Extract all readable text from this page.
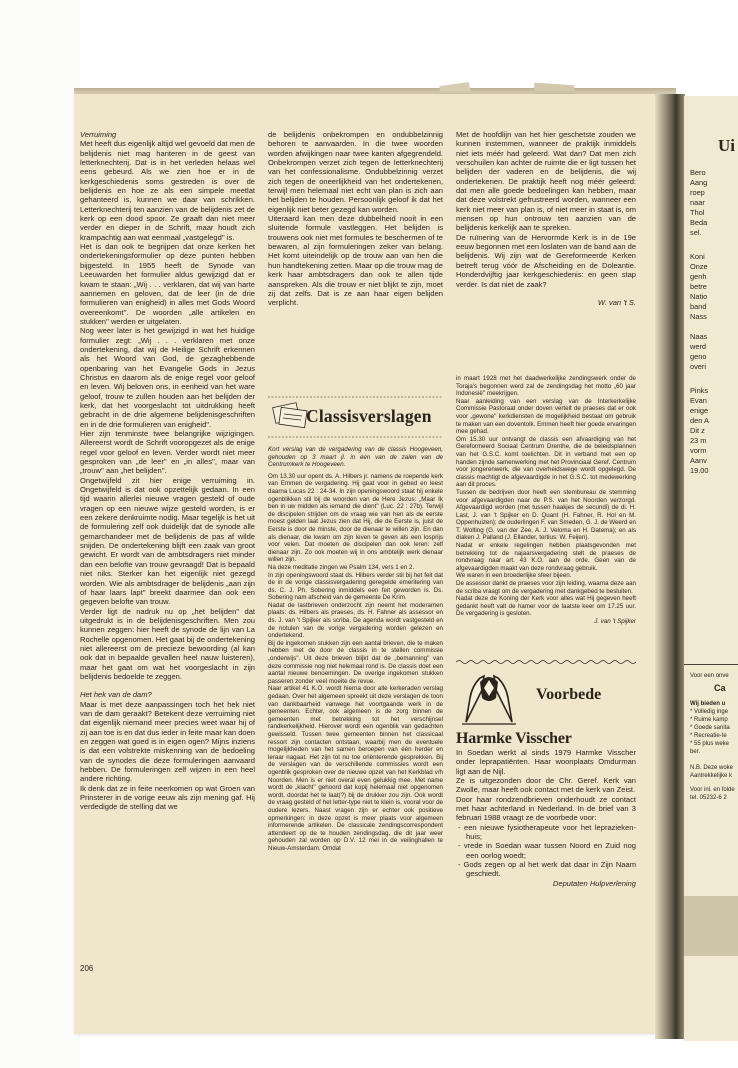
Ui
Bero
Aang
roep
naar
Thol
Beda
sel.
Koni
Onze
genh
betre
Natio
band
Nass
Naas
werd
geno
overi
Pinks
Evan
enige
den A
Dit z
23 m
vorm
Aanv
19.00
Voor een onve
Ca
Wij bieden u
* Volledig inge
* Ruime kamp
* Goede sanita
* Recreatie-te
* 55 plus weke
ber.
N.B. Deze woke
Aantrekkelijke k
Voor inl. en folde
tel. 05232-6 2

Verruiming

Met heeft dus eigenlijk altijd wel gevoeld dat men de belijdenis niet mag hanteren in de geest van letterknechterij. Dat is in het verleden helaas wel eens gebeurd. Als we zien hoe er in de kerkgeschiedenis soms gestreden is over de belijdenis en hoe ze als een simpele meetlat gehanteerd is, kunnen we daar van schrikken. Letterknechterij ten aanzien van de belijdenis zet de kerk op een dood spoor. Ze graaft dan niet meer verder en dieper in de Schrift, maar houdt zich krampachtig aan wat eenmaal „vastgelegd'' is.

Het is dan ook te begrijpen dat onze kerken het ondertekeningsformulier op deze punten hebben bijgesteld. In 1955 heeft de Synode van Leeuwarden het formulier aldus gewijzigd dat er kwam te staan: „Wij . . . verklaren, dat wij van harte aannemen en geloven, dat de leer (in de drie formulieren van enigheid) in alles met Gods Woord overeenkomt''. De woorden „alle artikelen en stukken'' werden er uitgelaten.

Nog weer later is het gewijzigd in wat het huidige formulier zegt: „Wij . . . verklaren met onze ondertekening, dat wij de Heilige Schrift erkennen als het Woord van God, de gezaghebbende openbaring van het Evangelie Gods in Jezus Christus en daarom als de enige regel voor geloof en leven. Wij beloven ons, in eenheid van het ware geloof, trouw te zullen houden aan het belijden der kerk, dat het voorgeslacht tot uitdrukking heeft gebracht in de drie algemene belijdenisgeschriften en in de drie formulieren van enigheid''.

Hier zijn tenminste twee belangrijke wijzigingen. Allereerst wordt de Schrift vooropgezet als de enige regel voor geloof en leven. Verder wordt niet meer gesproken van „de leer'' en „in alles'', maar van „trouw'' aan „het belijden''.

Ongetwijfeld zit hier enige verruiming in. Ongetwijfeld is dat ook opzettelijk gedaan. In een tijd waarin allerlei nieuwe vragen gesteld of oude vragen op een nieuwe wijze gesteld worden, is er een zekere denkruimte nodig. Maar tegelijk is het uit de formulering zelf ook duidelijk dat de synode alle gemarchandeer met de belijdenis de pas af wilde snijden. De ondertekening blijft een zaak van groot gewicht. Er wordt van de ambtsdragers niet minder dan een belofte van trouw gevraagd! Dat is bepaald niet niks. Sterker kan het eigenlijk niet gezegd worden. Wie als ambtsdrager de belijdenis „aan zijn of haar laars lapt'' breekt daarmee dan ook een gegeven belofte van trouw.

Verder ligt de nadruk nu op „het belijden'' dat uitgedrukt is in de belijdenisgeschriften. Men zou kunnen zeggen: hier heeft de synode de lijn van La Rochelle opgenomen. Het gaat bij de ondertekening niet allereerst om de precieze bewoording (al kan ook dat in bepaalde gevallen heel nauw luisteren), maar het gaat om wat het voorgeslacht in zijn belijdenis bedoelde te zeggen.

Het hek van de dam?

Maar is met deze aanpassingen toch het hek niet van de dam geraakt? Betekent deze verruiming niet dat eigenlijk niemand meer precies weet waar hij of zij aan toe is en dat dus ieder in feite maar kan doen en zeggen wat goed is in eigen ogen? Mijns inziens is dat een volstrekte miskenning van de bedoeling van de synodes die deze formuleringen aanvaard hebben. De formuleringen zelf wijzen in een heel andere richting.

Ik denk dat ze in feite neerkomen op wat Groen van Prinsterer in de vorige eeuw als zijn mening gaf. Hij verdedigde de stelling dat we

206

de belijdenis onbekrompen en ondubbelzinnig behoren te aanvaarden. In die twee woorden worden afwijkingen naar twee kanten afgegrendeld. Onbekrompen verzet zich tegen de letterknechterij van het confessionalisme. Ondubbelzinnig verzet zich tegen de oneerlijkheid van het ondertekenen, terwijl men helemaal niet echt van plan is zich aan het belijden te houden. Persoonlijk geloof ik dat het eigenlijk niet beter gezegd kan worden.

Uiteraard kan men deze dubbelheid nooit in een sluitende formule vastleggen. Het belijden is trouwens ook niet met formules te beschermen of te bewaren, al zijn formuleringen zeker van belang. Het komt uiteindelijk op de trouw aan van hen die hun handtekening zetten. Maar op die trouw mag de kerk haar ambtsdragers dan ook te allen tijde aanspreken. Als die trouw er niet blijkt te zijn, moet zij dat zelfs. Dat is ze aan haar eigen belijden verplicht.

Met de hoofdlijn van het hier geschetste zouden we kunnen instemmen, wanneer de praktijk inmiddels niet iets méér had geleerd. Wat dan? Dat men zich verschuilen kan achter de ruimte die er ligt tussen het belijden der vaderen en de belijdenis, die wij ondertekenen. De praktijk heeft nog méér geleerd: dat men alle goede bedoelingen kan hebben, maar dat deze volstrekt gefrustreerd worden, wanneer een kerk niet meer van plan is, of niet meer in staat is, om mensen op hun ontrouw ten aanzien van de belijdenis kerkelijk aan te spreken.

De ruïnering van de Hervormde Kerk is in de 19e eeuw begonnen met een loslaten van de band aan de belijdenis. Wij zijn wat de Gereformeerde Kerken betreft terug vóór de Afscheiding en de Doleantie. Honderdvijftig jaar kerkgeschiedenis: en geen stap verder. Is dat niet de zaak?

W. van 't S.

Classisverslagen

Kort verslag van de vergadering van de classis Hoogeveen, gehouden op 3 maart jl. in één van de zalen van de Centrumkerk te Hoogeveen.

Om 13.30 uur opent ds. A. Hilbers jr. namens de roepende kerk van Emmen de vergadering. Hij gaat voor in gebed en leest daarna Lucas 22 : 24-34. In zijn openingswoord staat hij enkele ogenblikken stil bij de woorden van de Here Jezus: „Maar Ik ben in uw midden als iemand die dient'' (Luc. 22 : 27b). Terwijl de discipelen strijden om de vraag wie van hen als de eerste moest gelden laat Jezus zien dat Hij, die de Eerste is, juist de Eerste is door de minste, door de dienaar te willen zijn. En dan als dienaar, die kwam om zijn leven te geven als een losprijs voor velen. Dat moeten de discipelen dan ook leren: zelf dienaar zijn. Zo ook moeten wij in ons ambtelijk werk dienaar willen zijn.

Na deze meditatie zingen we Psalm 134, vers 1 en 2.

In zijn openingswoord staat ds. Hilbers verder stil bij het feit dat de in de vorige classisvergadering geregelde emeritering van ds. C. J. Ph. Sobering inmiddels een feit geworden is. Ds. Sobering nam afscheid van de gemeente De Krim.

Nadat de lastbrieven onderzocht zijn neemt het moderamen plaats: ds. Hilbers als praeses, ds. H. Fahner als assessor en ds. J. van 't Spijker als scriba. De agenda wordt vastgesteld en de notulen van de vorige vergadering worden gelezen en ondertekend.

Bij de ingekomen stukken zijn een aantal brieven, die te maken hebben met de door de classis in te stellen commissie „onderwijs''. Uit deze brieven blijkt dat de „bemanning'' van deze commissie nog niet helemaal rond is. De classis doet een aantal nieuwe benoemingen. De overige ingekomen stukken passeren zonder veel moeite de revue.

Naar artikel 41 K.O. wordt hierna door alle kerkeraden verslag gedaan. Over het algemeen spreekt uit deze verslagen de toon van dankbaarheid vanwege het voortgaande werk in de gemeenten. Echter, ook algemeen is de zorg binnen de gemeenten met betrekking tot het verschijnsel randkerkelijkheid. Hierover wordt een ogenblik van gedachten gewisseld. Tussen twee gemeenten binnen het classicaal ressort zijn contacten ontstaan, waarbij men de eventuele mogelijkheden van het samen beroepen van één herder en leraar nagaat. Het zijn tot nu toe oriënterende gesprekken. Bij de verslagen van de verschillende commissies wordt een ogenblik gesproken over de nieuwe opzet van het Kerkblad v/h Noorden. Men is er niet overal even gelukkig mee. Met name wordt de „klacht'' gehoord dat kopij helemaal niet opgenomen wordt, doordat het te laat(?) bij de drukker zou zijn. Ook wordt de vraag gesteld of het letter-type niet te klein is, vooral voor de oudere lezers. Naast vragen zijn er echter ook positieve opmerkingen: in deze opzet is meer plaats voor algemeen informerende artikelen. De classicale zendingscorrespondent attendeert op de te houden zendingsdag, die dit jaar weer gehouden zal worden op D.V. 12 mei in de veilinghallen te Nieuw-Amsterdam. Omdat

in maart 1928 met het daadwerkelijke zendingswerk onder de Toraja's begonnen werd zal de zendingsdag het motto „60 jaar Indonesië'' meekrijgen.

Naar aanleiding van een verslag van de Interkerkelijke Commissie Pastoraat onder doven vertelt de praeses dat er ook voor „gewone'' kerkdiensten de mogelijkheid bestaat om gebruik te maken van een doventolk. Emmen heeft hier goede ervaringen mee gehad.

Om 15.30 uur ontvangt de classis een afvaardiging van het Gereformeerd Sociaal Centrum Drenthe, die de beleidsplannen van het G.S.C. komt toelichten. Dit in verband met een op handen zijnde samenwerking met het Provinciaal Geref. Centrum voor jongerenwerk, die van overheidswege wordt opgelegd. De classis machtigt de afgevaardigde in het G.S.C. tot medewerking aan dit proces.

Tussen de bedrijven door heeft een stembureau de stemming voor afgevaardigden naar de P.S. van het Noorden verzorgd. Afgevaardigd worden (met tussen haakjes de secundi) de di. H. Last, J. van 't Spijker en D. Quant (H. Fahner, R. Hol en M. Oppenhuizen); de ouderlingen F. van Smeden, G. J. de Weerd en T. Wolting (G. van der Zee, A. J. Veloma en H. Datema); en als diaken J. Palland (J. Ellander, tertius: W. Feijen).

Nadat er enkele regelingen hebben plaatsgevonden met betrekking tot de najaarsvergadering stelt de praeses de rondvraag naar art. 43 K.O. aan de orde. Geen van de afgevaardigden maakt van deze rondvraag gebruik.

We waren in een broederlijke sfeer bijeen.

De assessor dankt de praeses voor zijn leiding, waarna deze aan de scriba vraagt om de vergadering met dankgebed te besluiten.

Nadat deze de Koning der Kerk voor alles wat Hij gegeven heeft gedankt heeft valt de hamer voor de laatste keer om 17.25 uur. De vergadering is gesloten.

J. van 't Spijker

Voorbede
Harmke Visscher

In Soedan werkt al sinds 1979 Harmke Visscher onder leprapatiënten. Haar woonplaats Omdurman ligt aan de Nijl.

Ze is uitgezonden door de Chr. Geref. Kerk van Zwolle, maar heeft ook contact met de kerk van Zeist.

Door haar rondzendbrieven onderhoudt ze contact met haar achterland in Nederland. In de brief van 3 februari 1988 vraagt ze de voorbede voor:

- een nieuwe fysiotherapeute voor het lepraziekenhuis;
- vrede in Soedan waar tussen Noord en Zuid nog een oorlog woedt;
- Gods zegen op al het werk dat daar in Zijn Naam geschiedt.

Deputaten Hulpverlening
